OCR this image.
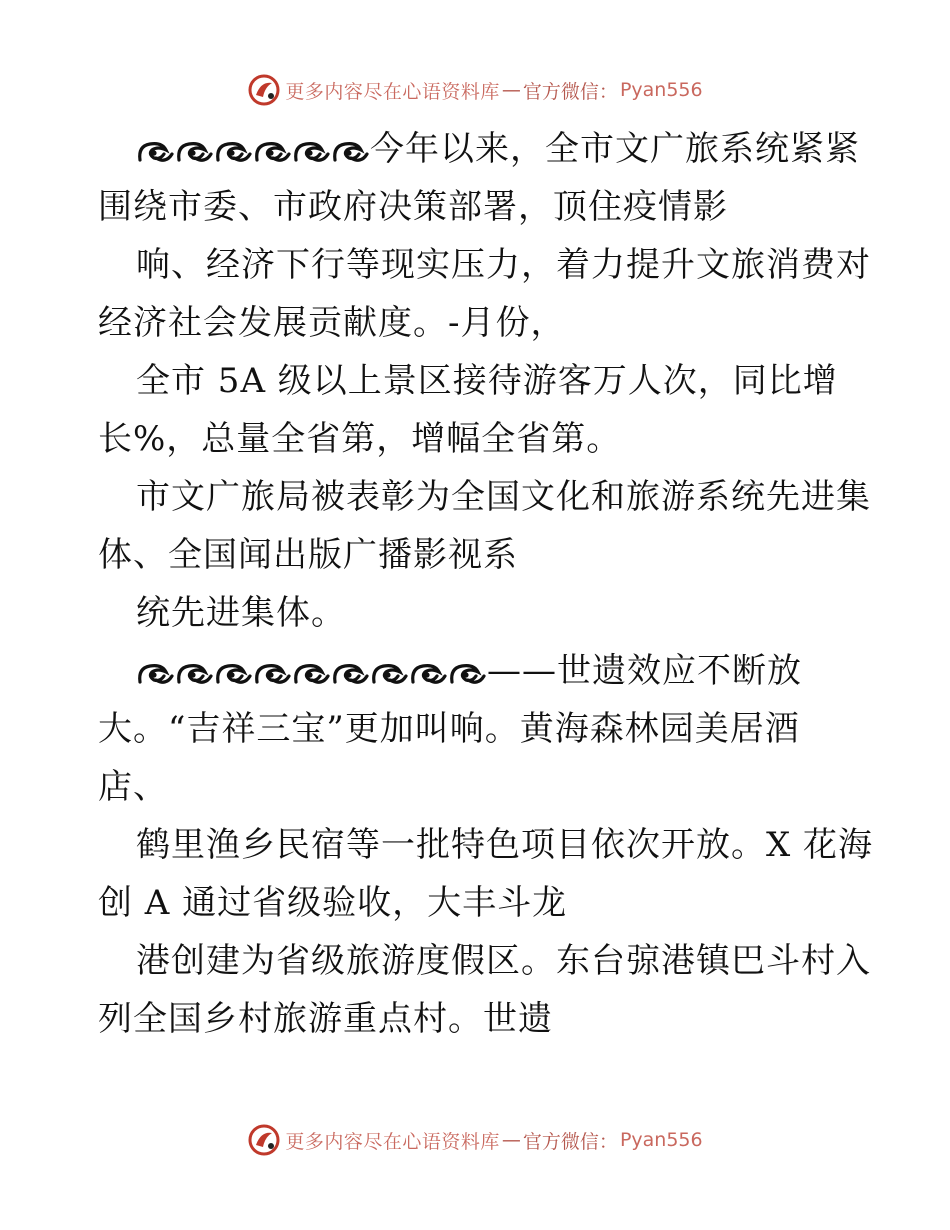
更多内容尽在心语资料库 — 官方微信： Pyan556
今年以来，全市文广旅系统紧紧
围绕市委、市政府决策部署，顶住疫情影
响、经济下行等现实压力，着力提升文旅消费对
经济社会发展贡献度。-月份，
全市 5A 级以上景区接待游客万人次，同比增
长%，总量全省第，增幅全省第。
市文广旅局被表彰为全国文化和旅游系统先进集
体、全国闻出版广播影视系
统先进集体。
——世遗效应不断放
大。“吉祥三宝”更加叫响。黄海森林园美居酒
店、
鹤里渔乡民宿等一批特色项目依次开放。X 花海
创 A 通过省级验收，大丰斗龙
港创建为省级旅游度假区。东台弶港镇巴斗村入
列全国乡村旅游重点村。世遗
更多内容尽在心语资料库 — 官方微信： Pyan556
